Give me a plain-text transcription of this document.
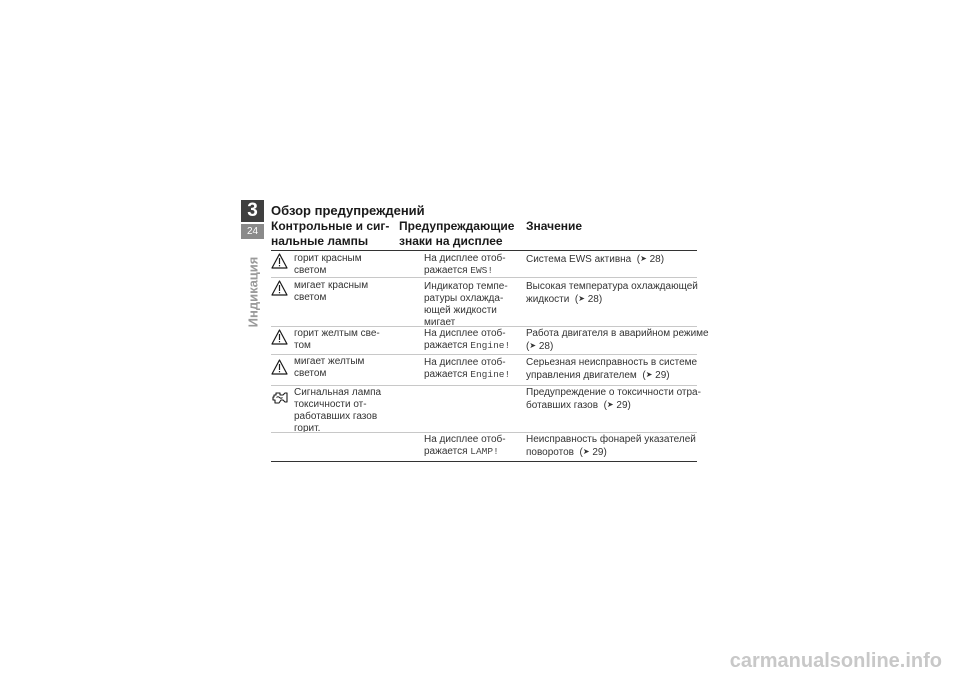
3
24
Индикация
Обзор предупреждений
Контрольные и сиг-
нальные лампы
Предупреждающие
знаки на дисплее
Значение
горит красным
светом
На дисплее отоб-
ражается EWS!
Система EWS активна  (➤ 28)
мигает красным
светом
Индикатор темпе-
ратуры охлажда-
ющей жидкости
мигает
Высокая температура охлаждающей
жидкости  (➤ 28)
горит желтым све-
том
На дисплее отоб-
ражается Engine!
Работа двигателя в аварийном режиме
(➤ 28)
мигает желтым
светом
На дисплее отоб-
ражается Engine!
Серьезная неисправность в системе
управления двигателем  (➤ 29)
Сигнальная лампа
токсичности от-
работавших газов
горит.
Предупреждение о токсичности отра-
ботавших газов  (➤ 29)
На дисплее отоб-
ражается LAMP!
Неисправность фонарей указателей
поворотов  (➤ 29)
carmanualsonline.info
